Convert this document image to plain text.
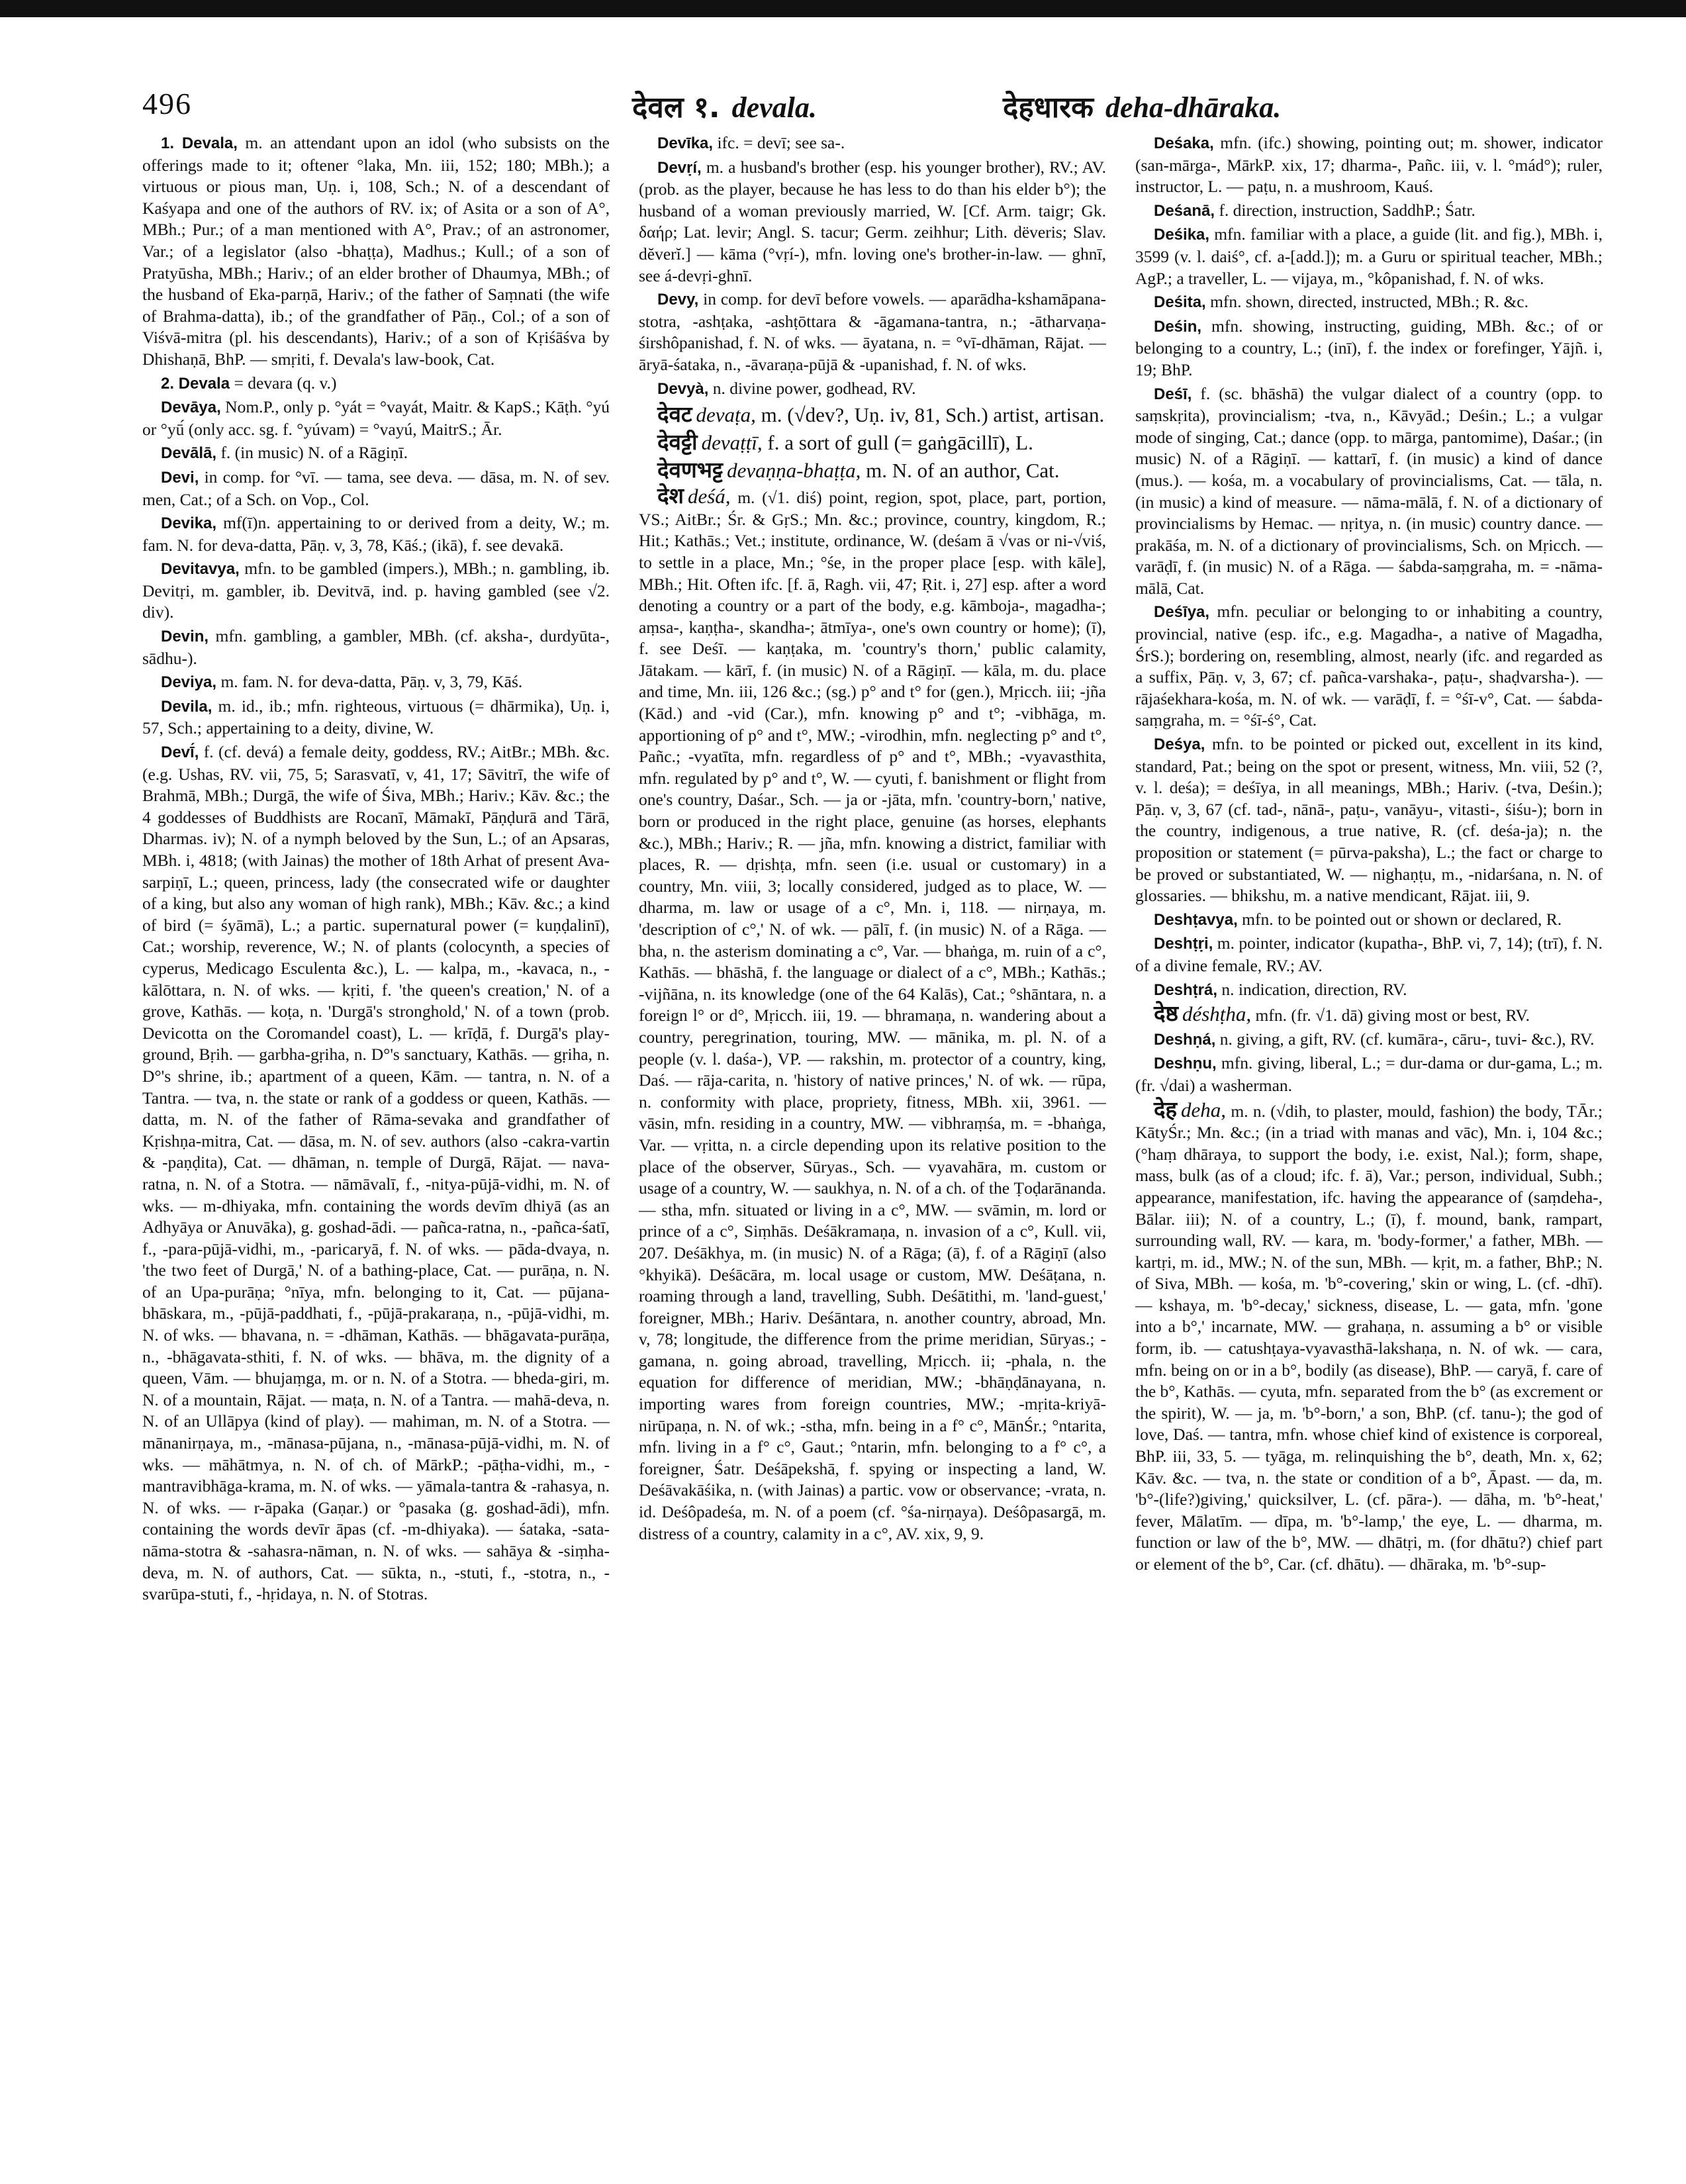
496	देवल १. devala.	देहधारक deha-dhāraka.

1. Devala, m. an attendant upon an idol (who subsists on the offerings made to it; oftener °laka, Mn. iii, 152; 180; MBh.); a virtuous or pious man, Uṇ. i, 108, Sch.; N. of a descendant of Kaśyapa and one of the authors of RV. ix; of Asita or a son of A°, MBh.; Pur.; of a man mentioned with A°, Prav.; of an astronomer, Var.; of a legislator (also -bhaṭṭa), Madhus.; Kull.; of a son of Pratyūsha, MBh.; Hariv.; of an elder brother of Dhaumya, MBh.; of the husband of Eka-parṇā, Hariv.; of the father of Saṃnati (the wife of Brahma-datta), ib.; of the grandfather of Pāṇ., Col.; of a son of Viśvā-mitra (pl. his descendants), Hariv.; of a son of Kṛiśāśva by Dhishaṇā, BhP. — smṛiti, f. Devala's law-book, Cat.

2. Devala = devara (q. v.)

Devāya, Nom.P., only p. °yát = °vayát, Maitr. & KapS.; Kāṭh. °yú or °yū́ (only acc. sg. f. °yúvam) = °vayú, MaitrS.; Ār.

Devālā, f. (in music) N. of a Rāgiṇī.

Devi, in comp. for °vī. — tama, see deva. — dāsa, m. N. of sev. men, Cat.; of a Sch. on Vop., Col.

Devika, mf(ī)n. appertaining to or derived from a deity, W.; m. fam. N. for deva-datta, Pāṇ. v, 3, 78, Kāś.; (ikā), f. see devakā.

Devitavya, mfn. to be gambled (impers.), MBh.; n. gambling, ib. Devitṛi, m. gambler, ib. Devitvā, ind. p. having gambled (see √2. div).

Devin, mfn. gambling, a gambler, MBh. (cf. aksha-, durdyūta-, sādhu-).

Deviya, m. fam. N. for deva-datta, Pāṇ. v, 3, 79, Kāś.

Devila, m. id., ib.; mfn. righteous, virtuous (= dhārmika), Uṇ. i, 57, Sch.; appertaining to a deity, divine, W.

Devī́, f. (cf. devá) a female deity, goddess, RV.; AitBr.; MBh. &c. (e.g. Ushas, RV. vii, 75, 5; Sarasvatī, v, 41, 17; Sāvitrī, the wife of Brahmā, MBh.; Durgā, the wife of Śiva, MBh.; Hariv.; Kāv. &c.; the 4 goddesses of Buddhists are Rocanī, Māmakī, Pāṇḍurā and Tārā, Dharmas. iv); N. of a nymph beloved by the Sun, L.; of an Apsaras, MBh. i, 4818; (with Jainas) the mother of 18th Arhat of present Ava-sarpiṇī, L.; queen, princess, lady (the consecrated wife or daughter of a king, but also any woman of high rank), MBh.; Kāv. &c.; a kind of bird (= śyāmā), L.; a partic. supernatural power (= kuṇḍalinī), Cat.; worship, reverence, W.; N. of plants (colocynth, a species of cyperus, Medicago Esculenta &c.), L. — kalpa, m., -kavaca, n., -kālōttara, n. N. of wks. — kṛiti, f. 'the queen's creation,' N. of a grove, Kathās. — koṭa, n. 'Durgā's stronghold,' N. of a town (prob. Devicotta on the Coromandel coast), L. — krīḍā, f. Durgā's play-ground, Bṛih. — garbha-gṛiha, n. D°'s sanctuary, Kathās. — gṛiha, n. D°'s shrine, ib.; apartment of a queen, Kām. — tantra, n. N. of a Tantra. — tva, n. the state or rank of a goddess or queen, Kathās. — datta, m. N. of the father of Rāma-sevaka and grandfather of Kṛishṇa-mitra, Cat. — dāsa, m. N. of sev. authors (also -cakra-vartin & -paṇḍita), Cat. — dhāman, n. temple of Durgā, Rājat. — nava-ratna, n. N. of a Stotra. — nāmāvalī, f., -nitya-pūjā-vidhi, m. N. of wks. — m-dhiyaka, mfn. containing the words devīm dhiyā (as an Adhyāya or Anuvāka), g. goshad-ādi. — pañca-ratna, n., -pañca-śatī, f., -para-pūjā-vidhi, m., -paricaryā, f. N. of wks. — pāda-dvaya, n. 'the two feet of Durgā,' N. of a bathing-place, Cat. — purāṇa, n. N. of an Upa-purāṇa; °nīya, mfn. belonging to it, Cat. — pūjana-bhāskara, m., -pūjā-paddhati, f., -pūjā-prakaraṇa, n., -pūjā-vidhi, m. N. of wks. — bhavana, n. = -dhāman, Kathās. — bhāgavata-purāṇa, n., -bhāgavata-sthiti, f. N. of wks. — bhāva, m. the dignity of a queen, Vām. — bhujaṃga, m. or n. N. of a Stotra. — bheda-giri, m. N. of a mountain, Rājat. — maṭa, n. N. of a Tantra. — mahā-deva, n. N. of an Ullāpya (kind of play). — mahiman, m. N. of a Stotra. — mānanirṇaya, m., -mānasa-pūjana, n., -mānasa-pūjā-vidhi, m. N. of wks. — māhātmya, n. N. of ch. of MārkP.; -pāṭha-vidhi, m., -mantravibhāga-krama, m. N. of wks. — yāmala-tantra & -rahasya, n. N. of wks. — r-āpaka (Gaṇar.) or °pasaka (g. goshad-ādi), mfn. containing the words devīr āpas (cf. -m-dhiyaka). — śataka, -sata-nāma-stotra & -sahasra-nāman, n. N. of wks. — sahāya & -siṃha-deva, m. N. of authors, Cat. — sūkta, n., -stuti, f., -stotra, n., -svarūpa-stuti, f., -hṛidaya, n. N. of Stotras.

Devīka, ifc. = devī; see sa-.

Devṛí, m. a husband's brother (esp. his younger brother), RV.; AV. (prob. as the player, because he has less to do than his elder b°); the husband of a woman previously married, W. [Cf. Arm. taigr; Gk. δαήρ; Lat. levir; Angl. S. tacur; Germ. zeihhur; Lith. dëveris; Slav. dĕverĭ.] — kāma (°vṛí-), mfn. loving one's brother-in-law. — ghnī, see á-devṛi-ghnī.

Devy, in comp. for devī before vowels. — aparādha-kshamāpana-stotra, -ashṭaka, -ashṭōttara & -āgamana-tantra, n.; -ātharvaṇa-śirshôpanishad, f. N. of wks. — āyatana, n. = °vī-dhāman, Rājat. — āryā-śataka, n., -āvaraṇa-pūjā & -upanishad, f. N. of wks.

Devyà, n. divine power, godhead, RV.

देवट devaṭa, m. (√dev?, Uṇ. iv, 81, Sch.) artist, artisan.

देवट्टी devaṭṭī, f. a sort of gull (= gaṅgācillī), L.

देवणभट्ट devaṇṇa-bhaṭṭa, m. N. of an author, Cat.

देश deśá, m. (√1. diś) point, region, spot, place, part, portion, VS.; AitBr.; Śr. & GṛS.; Mn. &c.; province, country, kingdom, R.; Hit.; Kathās.; Vet.; institute, ordinance, W. (deśam ā √vas or ni-√viś, to settle in a place, Mn.; °śe, in the proper place [esp. with kāle], MBh.; Hit. Often ifc. [f. ā, Ragh. vii, 47; Ṛit. i, 27] esp. after a word denoting a country or a part of the body, e.g. kāmboja-, magadha-; aṃsa-, kaṇṭha-, skandha-; ātmīya-, one's own country or home); (ī), f. see Deśī. — kaṇṭaka, m. 'country's thorn,' public calamity, Jātakam. — kārī, f. (in music) N. of a Rāgiṇī. — kāla, m. du. place and time, Mn. iii, 126 &c.; (sg.) p° and t° for (gen.), Mṛicch. iii; -jña (Kād.) and -vid (Car.), mfn. knowing p° and t°; -vibhāga, m. apportioning of p° and t°, MW.; -virodhin, mfn. neglecting p° and t°, Pañc.; -vyatīta, mfn. regardless of p° and t°, MBh.; -vyavasthita, mfn. regulated by p° and t°, W. — cyuti, f. banishment or flight from one's country, Daśar., Sch. — ja or -jāta, mfn. 'country-born,' native, born or produced in the right place, genuine (as horses, elephants &c.), MBh.; Hariv.; R. — jña, mfn. knowing a district, familiar with places, R. — dṛishṭa, mfn. seen (i.e. usual or customary) in a country, Mn. viii, 3; locally considered, judged as to place, W. — dharma, m. law or usage of a c°, Mn. i, 118. — nirṇaya, m. 'description of c°,' N. of wk. — pālī, f. (in music) N. of a Rāga. — bha, n. the asterism dominating a c°, Var. — bhaṅga, m. ruin of a c°, Kathās. — bhāshā, f. the language or dialect of a c°, MBh.; Kathās.; -vijñāna, n. its knowledge (one of the 64 Kalās), Cat.; °shāntara, n. a foreign l° or d°, Mṛicch. iii, 19. — bhramaṇa, n. wandering about a country, peregrination, touring, MW. — mānika, m. pl. N. of a people (v. l. daśa-), VP. — rakshin, m. protector of a country, king, Daś. — rāja-carita, n. 'history of native princes,' N. of wk. — rūpa, n. conformity with place, propriety, fitness, MBh. xii, 3961. — vāsin, mfn. residing in a country, MW. — vibhraṃśa, m. = -bhaṅga, Var. — vṛitta, n. a circle depending upon its relative position to the place of the observer, Sūryas., Sch. — vyavahāra, m. custom or usage of a country, W. — saukhya, n. N. of a ch. of the Ṭoḍarānanda. — stha, mfn. situated or living in a c°, MW. — svāmin, m. lord or prince of a c°, Siṃhās. Deśākramaṇa, n. invasion of a c°, Kull. vii, 207. Deśākhya, m. (in music) N. of a Rāga; (ā), f. of a Rāgiṇī (also °khyikā). Deśācāra, m. local usage or custom, MW. Deśāṭana, n. roaming through a land, travelling, Subh. Deśātithi, m. 'land-guest,' foreigner, MBh.; Hariv. Deśāntara, n. another country, abroad, Mn. v, 78; longitude, the difference from the prime meridian, Sūryas.; -gamana, n. going abroad, travelling, Mṛicch. ii; -phala, n. the equation for difference of meridian, MW.; -bhāṇḍānayana, n. importing wares from foreign countries, MW.; -mṛita-kriyā-nirūpaṇa, n. N. of wk.; -stha, mfn. being in a f° c°, MānŚr.; °ntarita, mfn. living in a f° c°, Gaut.; °ntarin, mfn. belonging to a f° c°, a foreigner, Śatr. Deśāpekshā, f. spying or inspecting a land, W. Deśāvakāśika, n. (with Jainas) a partic. vow or observance; -vrata, n. id. Deśôpadeśa, m. N. of a poem (cf. °śa-nirṇaya). Deśôpasargā, m. distress of a country, calamity in a c°, AV. xix, 9, 9.

Deśaka, mfn. (ifc.) showing, pointing out; m. shower, indicator (san-mārga-, MārkP. xix, 17; dharma-, Pañc. iii, v. l. °mád°); ruler, instructor, L. — paṭu, n. a mushroom, Kauś.

Deśanā, f. direction, instruction, SaddhP.; Śatr.

Deśika, mfn. familiar with a place, a guide (lit. and fig.), MBh. i, 3599 (v. l. daiś°, cf. a-[add.]); m. a Guru or spiritual teacher, MBh.; AgP.; a traveller, L. — vijaya, m., °kôpanishad, f. N. of wks.

Deśita, mfn. shown, directed, instructed, MBh.; R. &c.

Deśin, mfn. showing, instructing, guiding, MBh. &c.; of or belonging to a country, L.; (inī), f. the index or forefinger, Yājñ. i, 19; BhP.

Deśī, f. (sc. bhāshā) the vulgar dialect of a country (opp. to saṃskṛita), provincialism; -tva, n., Kāvyād.; Deśin.; L.; a vulgar mode of singing, Cat.; dance (opp. to mārga, pantomime), Daśar.; (in music) N. of a Rāgiṇī. — kattarī, f. (in music) a kind of dance (mus.). — kośa, m. a vocabulary of provincialisms, Cat. — tāla, n. (in music) a kind of measure. — nāma-mālā, f. N. of a dictionary of provincialisms by Hemac. — nṛitya, n. (in music) country dance. — prakāśa, m. N. of a dictionary of provincialisms, Sch. on Mṛicch. — varāḍī, f. (in music) N. of a Rāga. — śabda-saṃgraha, m. = -nāma-mālā, Cat.

Deśīya, mfn. peculiar or belonging to or inhabiting a country, provincial, native (esp. ifc., e.g. Magadha-, a native of Magadha, ŚrS.); bordering on, resembling, almost, nearly (ifc. and regarded as a suffix, Pāṇ. v, 3, 67; cf. pañca-varshaka-, paṭu-, shaḍvarsha-). — rājaśekhara-kośa, m. N. of wk. — varāḍī, f. = °śī-v°, Cat. — śabda-saṃgraha, m. = °śī-ś°, Cat.

Deśya, mfn. to be pointed or picked out, excellent in its kind, standard, Pat.; being on the spot or present, witness, Mn. viii, 52 (?, v. l. deśa); = deśīya, in all meanings, MBh.; Hariv. (-tva, Deśin.); Pāṇ. v, 3, 67 (cf. tad-, nānā-, paṭu-, vanāyu-, vitasti-, śiśu-); born in the country, indigenous, a true native, R. (cf. deśa-ja); n. the proposition or statement (= pūrva-paksha), L.; the fact or charge to be proved or substantiated, W. — nighaṇṭu, m., -nidarśana, n. N. of glossaries. — bhikshu, m. a native mendicant, Rājat. iii, 9.

Deshṭavya, mfn. to be pointed out or shown or declared, R.

Deshṭṛi, m. pointer, indicator (kupatha-, BhP. vi, 7, 14); (trī), f. N. of a divine female, RV.; AV.

Deshṭrá, n. indication, direction, RV.

देष्ठ déshṭha, mfn. (fr. √1. dā) giving most or best, RV.

Deshṇá, n. giving, a gift, RV. (cf. kumāra-, cāru-, tuvi- &c.), RV.

Deshṇu, mfn. giving, liberal, L.; = dur-dama or dur-gama, L.; m. (fr. √dai) a washerman.

देह deha, m. n. (√dih, to plaster, mould, fashion) the body, TĀr.; KātyŚr.; Mn. &c.; (in a triad with manas and vāc), Mn. i, 104 &c.; (°haṃ dhāraya, to support the body, i.e. exist, Nal.); form, shape, mass, bulk (as of a cloud; ifc. f. ā), Var.; person, individual, Subh.; appearance, manifestation, ifc. having the appearance of (saṃdeha-, Bālar. iii); N. of a country, L.; (ī), f. mound, bank, rampart, surrounding wall, RV. — kara, m. 'body-former,' a father, MBh. — kartṛi, m. id., MW.; N. of the sun, MBh. — kṛit, m. a father, BhP.; N. of Siva, MBh. — kośa, m. 'b°-covering,' skin or wing, L. (cf. -dhī). — kshaya, m. 'b°-decay,' sickness, disease, L. — gata, mfn. 'gone into a b°,' incarnate, MW. — grahaṇa, n. assuming a b° or visible form, ib. — catushṭaya-vyavasthā-lakshaṇa, n. N. of wk. — cara, mfn. being on or in a b°, bodily (as disease), BhP. — caryā, f. care of the b°, Kathās. — cyuta, mfn. separated from the b° (as excrement or the spirit), W. — ja, m. 'b°-born,' a son, BhP. (cf. tanu-); the god of love, Daś. — tantra, mfn. whose chief kind of existence is corporeal, BhP. iii, 33, 5. — tyāga, m. relinquishing the b°, death, Mn. x, 62; Kāv. &c. — tva, n. the state or condition of a b°, Āpast. — da, m. 'b°-(life?)giving,' quicksilver, L. (cf. pāra-). — dāha, m. 'b°-heat,' fever, Mālatīm. — dīpa, m. 'b°-lamp,' the eye, L. — dharma, m. function or law of the b°, MW. — dhātṛi, m. (for dhātu?) chief part or element of the b°, Car. (cf. dhātu). — dhāraka, m. 'b°-sup-
